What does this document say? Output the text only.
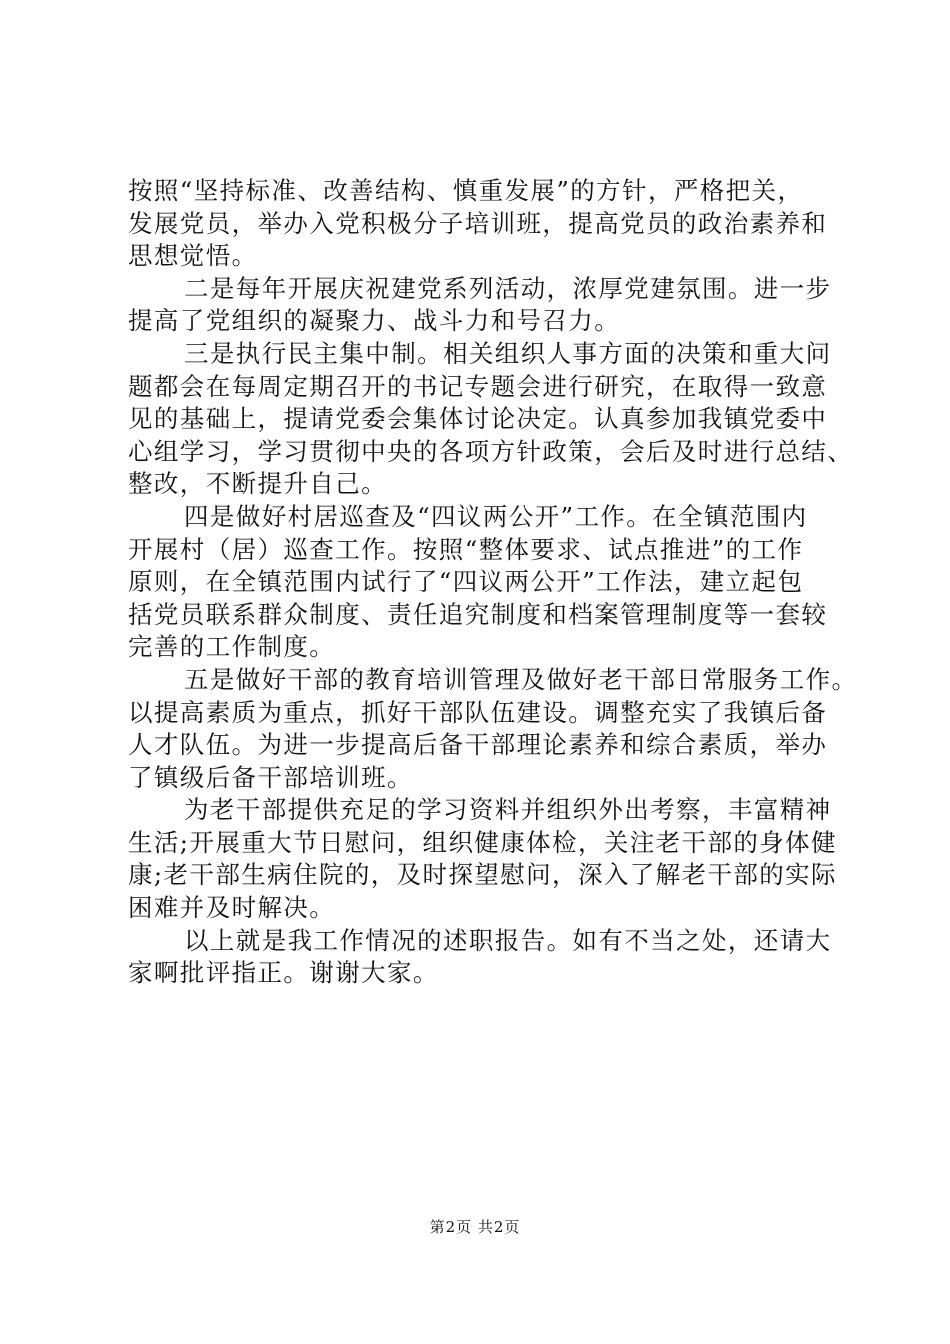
按照“坚持标准、改善结构、慎重发展”的方针，严格把关，
发展党员，举办入党积极分子培训班，提高党员的政治素养和
思想觉悟。
二是每年开展庆祝建党系列活动，浓厚党建氛围。进一步
提高了党组织的凝聚力、战斗力和号召力。
三是执行民主集中制。相关组织人事方面的决策和重大问
题都会在每周定期召开的书记专题会进行研究，在取得一致意
见的基础上，提请党委会集体讨论决定。认真参加我镇党委中
心组学习，学习贯彻中央的各项方针政策，会后及时进行总结、
整改，不断提升自己。
四是做好村居巡查及“四议两公开”工作。在全镇范围内
开展村（居）巡查工作。按照“整体要求、试点推进”的工作
原则，在全镇范围内试行了“四议两公开”工作法，建立起包
括党员联系群众制度、责任追究制度和档案管理制度等一套较
完善的工作制度。
五是做好干部的教育培训管理及做好老干部日常服务工作。
以提高素质为重点，抓好干部队伍建设。调整充实了我镇后备
人才队伍。为进一步提高后备干部理论素养和综合素质，举办
了镇级后备干部培训班。
为老干部提供充足的学习资料并组织外出考察，丰富精神
生活;开展重大节日慰问，组织健康体检，关注老干部的身体健
康;老干部生病住院的，及时探望慰问，深入了解老干部的实际
困难并及时解决。
以上就是我工作情况的述职报告。如有不当之处，还请大
家啊批评指正。谢谢大家。
第2页 共2页
